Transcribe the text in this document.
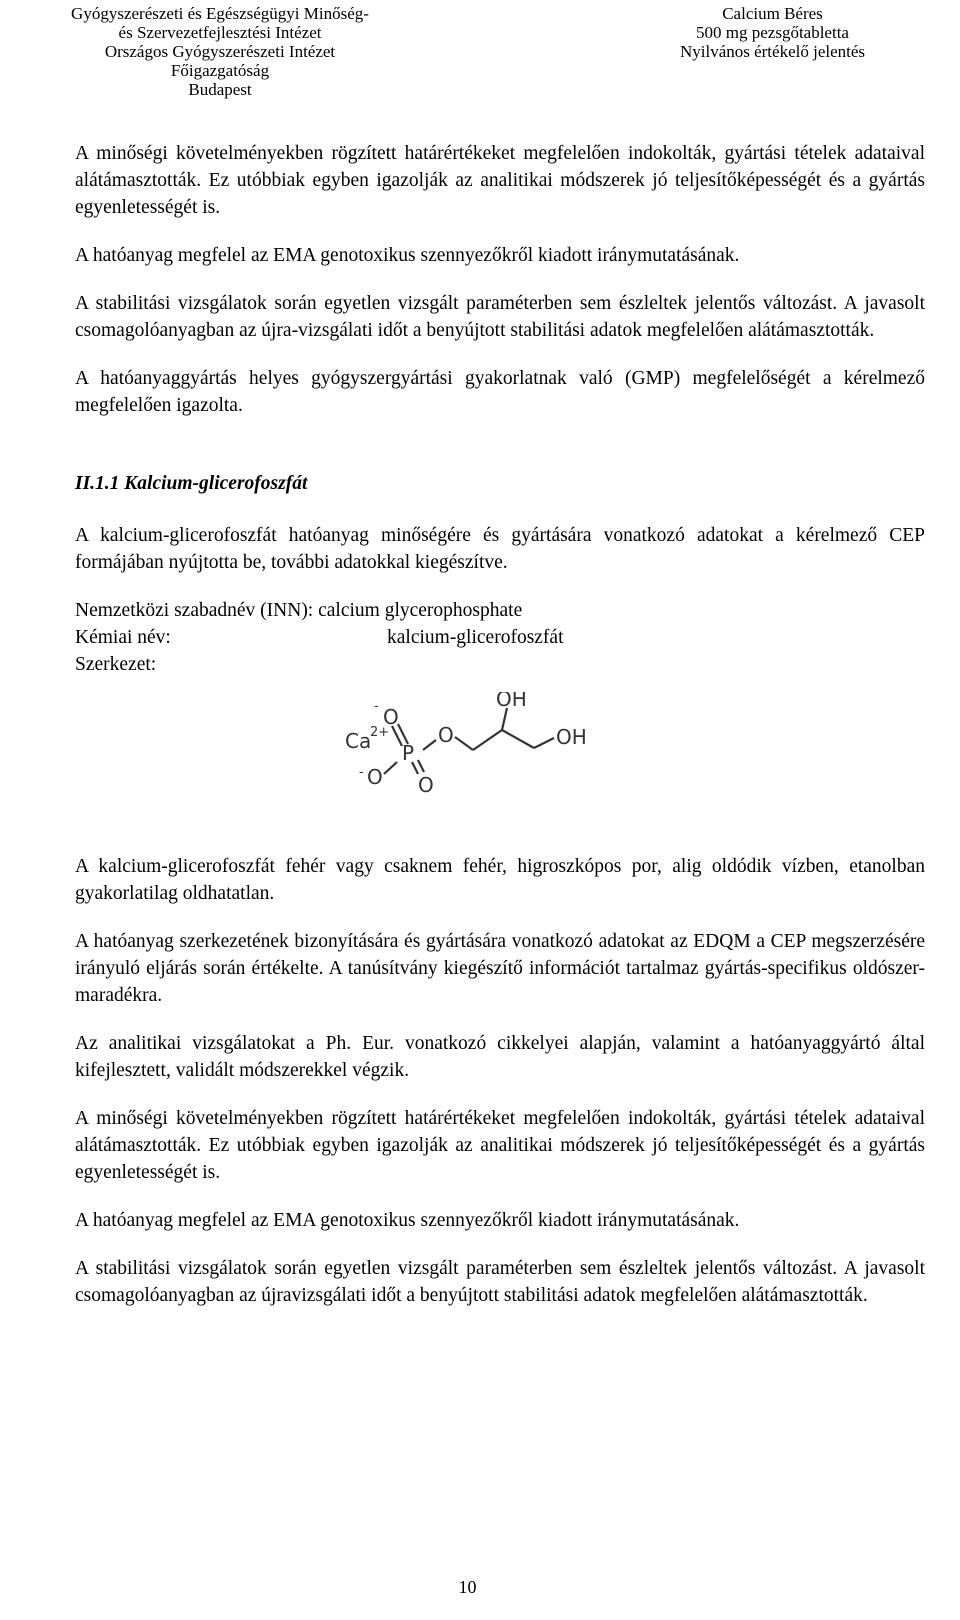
Gyógyszerészeti és Egészségügyi Minőség-
és Szervezetfejlesztési Intézet
Országos Gyógyszerészeti Intézet
Főigazgatóság
Budapest
Calcium Béres
500 mg pezsgőtabletta
Nyilvános értékelő jelentés

A minőségi követelményekben rögzített határértékeket megfelelően indokolták, gyártási tételek adataival alátámasztották. Ez utóbbiak egyben igazolják az analitikai módszerek jó teljesítőképességét és a gyártás egyenletességét is.

A hatóanyag megfelel az EMA genotoxikus szennyezőkről kiadott iránymutatásának.

A stabilitási vizsgálatok során egyetlen vizsgált paraméterben sem észleltek jelentős változást. A javasolt csomagolóanyagban az újra-vizsgálati időt a benyújtott stabilitási adatok megfelelően alátámasztották.

A hatóanyaggyártás helyes gyógyszergyártási gyakorlatnak való (GMP) megfelelőségét a kérelmező megfelelően igazolta.

II.1.1 Kalcium-glicerofoszfát

A kalcium-glicerofoszfát hatóanyag minőségére és gyártására vonatkozó adatokat a kérelmező CEP formájában nyújtotta be, további adatokkal kiegészítve.

Nemzetközi szabadnév (INN): calcium glycerophosphate
Kémiai név:	kalcium-glicerofoszfát
Szerkezet:
O
-
Ca
2+
P
O
-
O
O
OH
OH

A kalcium-glicerofoszfát fehér vagy csaknem fehér, higroszkópos por, alig oldódik vízben, etanolban gyakorlatilag oldhatatlan.

A hatóanyag szerkezetének bizonyítására és gyártására vonatkozó adatokat az EDQM a CEP megszerzésére irányuló eljárás során értékelte. A tanúsítvány kiegészítő információt tartalmaz gyártás-specifikus oldószer-maradékra.

Az analitikai vizsgálatokat a Ph. Eur. vonatkozó cikkelyei alapján, valamint a hatóanyaggyártó által kifejlesztett, validált módszerekkel végzik.

A minőségi követelményekben rögzített határértékeket megfelelően indokolták, gyártási tételek adataival alátámasztották. Ez utóbbiak egyben igazolják az analitikai módszerek jó teljesítőképességét és a gyártás egyenletességét is.

A hatóanyag megfelel az EMA genotoxikus szennyezőkről kiadott iránymutatásának.

A stabilitási vizsgálatok során egyetlen vizsgált paraméterben sem észleltek jelentős változást. A javasolt csomagolóanyagban az újravizsgálati időt a benyújtott stabilitási adatok megfelelően alátámasztották.

10
